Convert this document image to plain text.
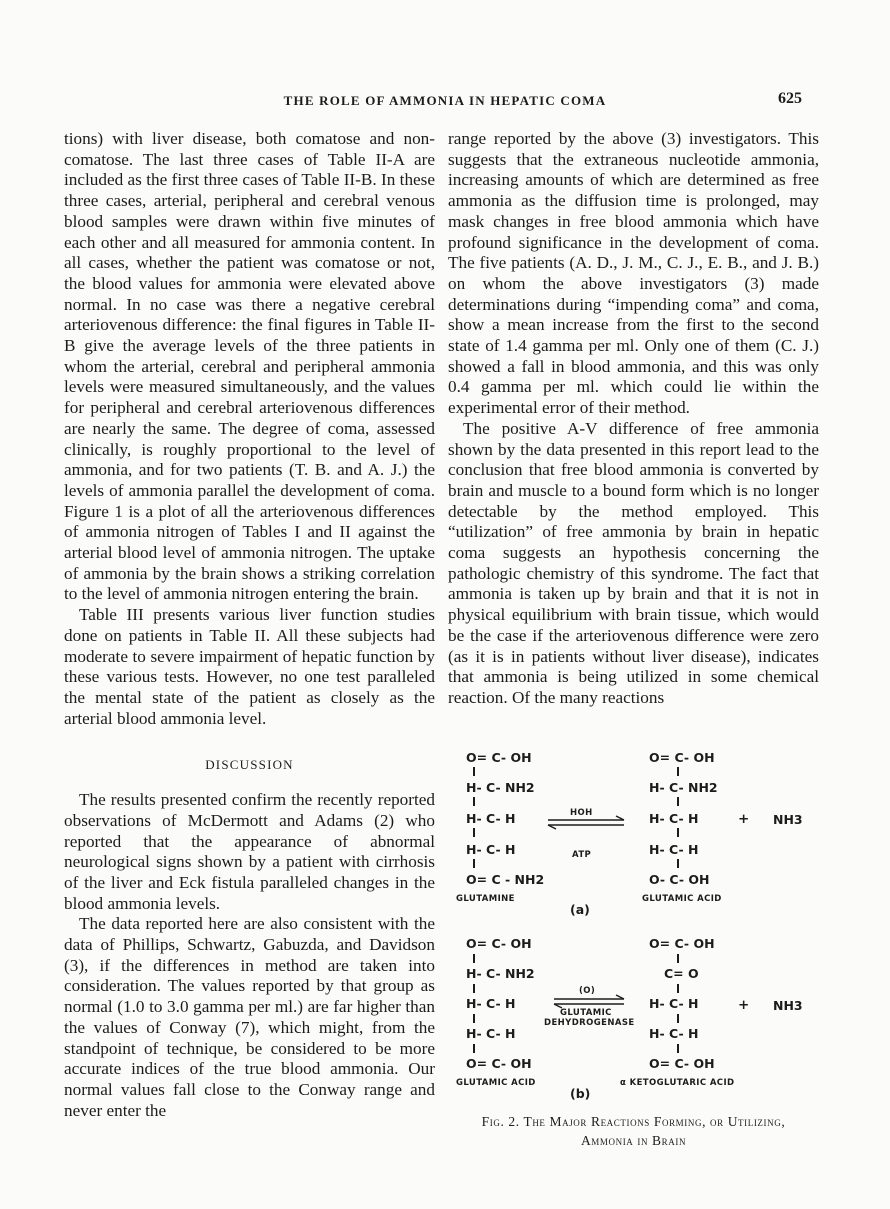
THE ROLE OF AMMONIA IN HEPATIC COMA	625

tions) with liver disease, both comatose and non-comatose. The last three cases of Table II-A are included as the first three cases of Table II-B. In these three cases, arterial, peripheral and cerebral venous blood samples were drawn within five minutes of each other and all measured for ammonia content. In all cases, whether the patient was comatose or not, the blood values for ammonia were elevated above normal. In no case was there a negative cerebral arteriovenous difference: the final figures in Table II-B give the average levels of the three patients in whom the arterial, cerebral and peripheral ammonia levels were measured simultaneously, and the values for peripheral and cerebral arteriovenous differences are nearly the same. The degree of coma, assessed clinically, is roughly proportional to the level of ammonia, and for two patients (T. B. and A. J.) the levels of ammonia parallel the development of coma. Figure 1 is a plot of all the arteriovenous differences of ammonia nitrogen of Tables I and II against the arterial blood level of ammonia nitrogen. The uptake of ammonia by the brain shows a striking correlation to the level of ammonia nitrogen entering the brain.

Table III presents various liver function studies done on patients in Table II. All these subjects had moderate to severe impairment of hepatic function by these various tests. However, no one test paralleled the mental state of the patient as closely as the arterial blood ammonia level.

DISCUSSION

The results presented confirm the recently reported observations of McDermott and Adams (2) who reported that the appearance of abnormal neurological signs shown by a patient with cirrhosis of the liver and Eck fistula paralleled changes in the blood ammonia levels.

The data reported here are also consistent with the data of Phillips, Schwartz, Gabuzda, and Davidson (3), if the differences in method are taken into consideration. The values reported by that group as normal (1.0 to 3.0 gamma per ml.) are far higher than the values of Conway (7), which might, from the standpoint of technique, be considered to be more accurate indices of the true blood ammonia. Our normal values fall close to the Conway range and never enter the

range reported by the above (3) investigators. This suggests that the extraneous nucleotide ammonia, increasing amounts of which are determined as free ammonia as the diffusion time is prolonged, may mask changes in free blood ammonia which have profound significance in the development of coma. The five patients (A. D., J. M., C. J., E. B., and J. B.) on whom the above investigators (3) made determinations during “impending coma” and coma, show a mean increase from the first to the second state of 1.4 gamma per ml. Only one of them (C. J.) showed a fall in blood ammonia, and this was only 0.4 gamma per ml. which could lie within the experimental error of their method.

The positive A-V difference of free ammonia shown by the data presented in this report lead to the conclusion that free blood ammonia is converted by brain and muscle to a bound form which is no longer detectable by the method employed. This “utilization” of free ammonia by brain in hepatic coma suggests an hypothesis concerning the pathologic chemistry of this syndrome. The fact that ammonia is taken up by brain and that it is not in physical equilibrium with brain tissue, which would be the case if the arteriovenous difference were zero (as it is in patients without liver disease), indicates that ammonia is being utilized in some chemical reaction. Of the many reactions

O= C- OH
H- C- NH2
H- C- H
H- C- H
O= C - NH2
GLUTAMINE
HOH
ATP
O= C- OH
H- C- NH2
H- C- H
H- C- H
O- C- OH
GLUTAMIC ACID
+ NH3
(a)
O= C- OH
H- C- NH2
H- C- H
H- C- H
O= C- OH
GLUTAMIC ACID
(O)
GLUTAMIC
DEHYDROGENASE
O= C- OH
C= O
H- C- H
H- C- H
O= C- OH
α KETOGLUTARIC ACID
+ NH3
(b)
Fig. 2. The Major Reactions Forming, or Utilizing,
Ammonia in Brain
